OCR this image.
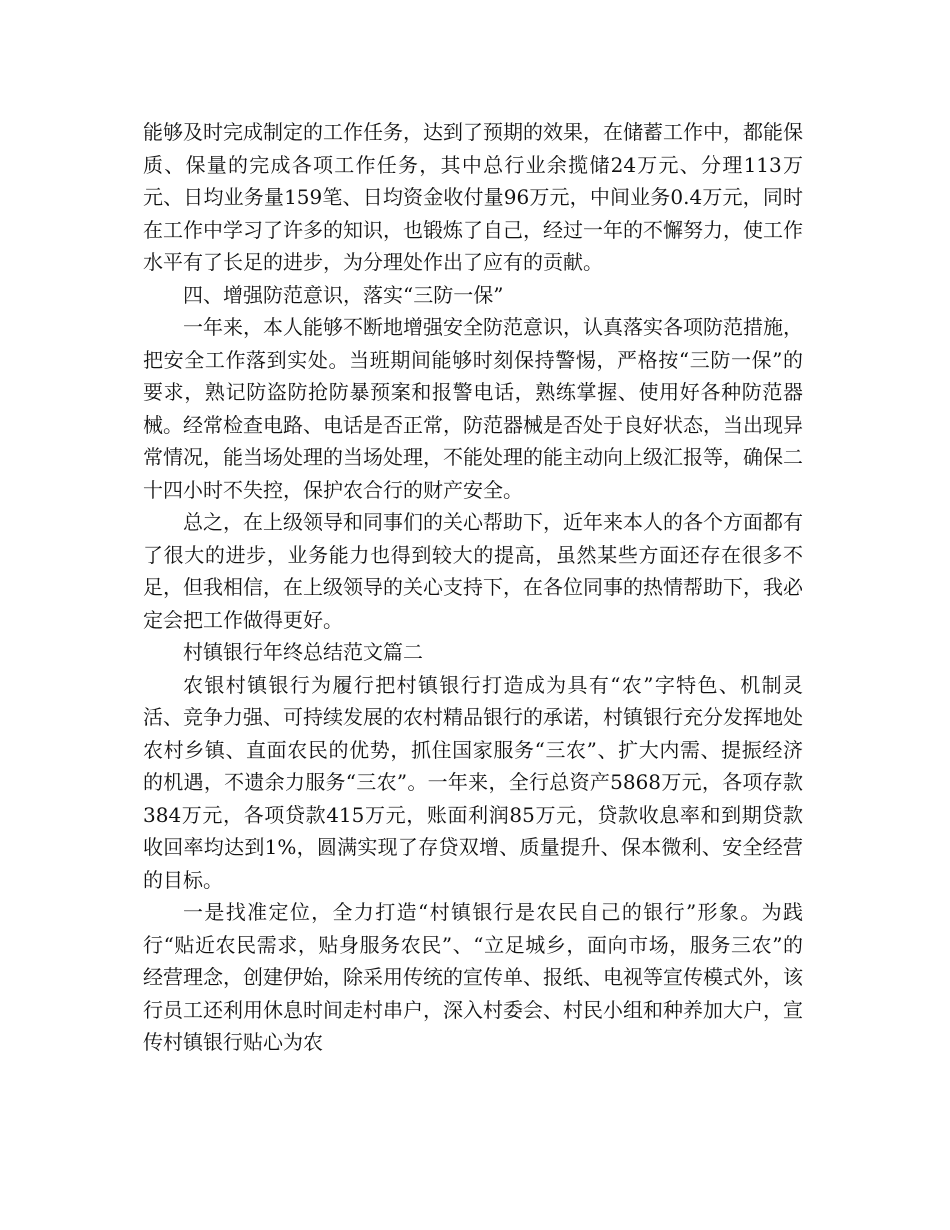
能够及时完成制定的工作任务，达到了预期的效果，在储蓄工作中，都能保质、保量的完成各项工作任务，其中总行业余揽储24万元、分理113万元、日均业务量159笔、日均资金收付量96万元，中间业务0.4万元，同时在工作中学习了许多的知识，也锻炼了自己，经过一年的不懈努力，使工作水平有了长足的进步，为分理处作出了应有的贡献。

四、增强防范意识，落实“三防一保”

一年来，本人能够不断地增强安全防范意识，认真落实各项防范措施，把安全工作落到实处。当班期间能够时刻保持警惕，严格按“三防一保”的要求，熟记防盗防抢防暴预案和报警电话，熟练掌握、使用好各种防范器械。经常检查电路、电话是否正常，防范器械是否处于良好状态，当出现异常情况，能当场处理的当场处理，不能处理的能主动向上级汇报等，确保二十四小时不失控，保护农合行的财产安全。

总之，在上级领导和同事们的关心帮助下，近年来本人的各个方面都有了很大的进步，业务能力也得到较大的提高，虽然某些方面还存在很多不足，但我相信，在上级领导的关心支持下，在各位同事的热情帮助下，我必定会把工作做得更好。

村镇银行年终总结范文篇二

农银村镇银行为履行把村镇银行打造成为具有“农”字特色、机制灵活、竞争力强、可持续发展的农村精品银行的承诺，村镇银行充分发挥地处农村乡镇、直面农民的优势，抓住国家服务“三农”、扩大内需、提振经济的机遇，不遗余力服务“三农”。一年来，全行总资产5868万元，各项存款384万元，各项贷款415万元，账面利润85万元，贷款收息率和到期贷款收回率均达到1%，圆满实现了存贷双增、质量提升、保本微利、安全经营的目标。

一是找准定位，全力打造“村镇银行是农民自己的银行”形象。为践行“贴近农民需求，贴身服务农民”、“立足城乡，面向市场，服务三农”的经营理念，创建伊始，除采用传统的宣传单、报纸、电视等宣传模式外，该行员工还利用休息时间走村串户，深入村委会、村民小组和种养加大户，宣传村镇银行贴心为农
